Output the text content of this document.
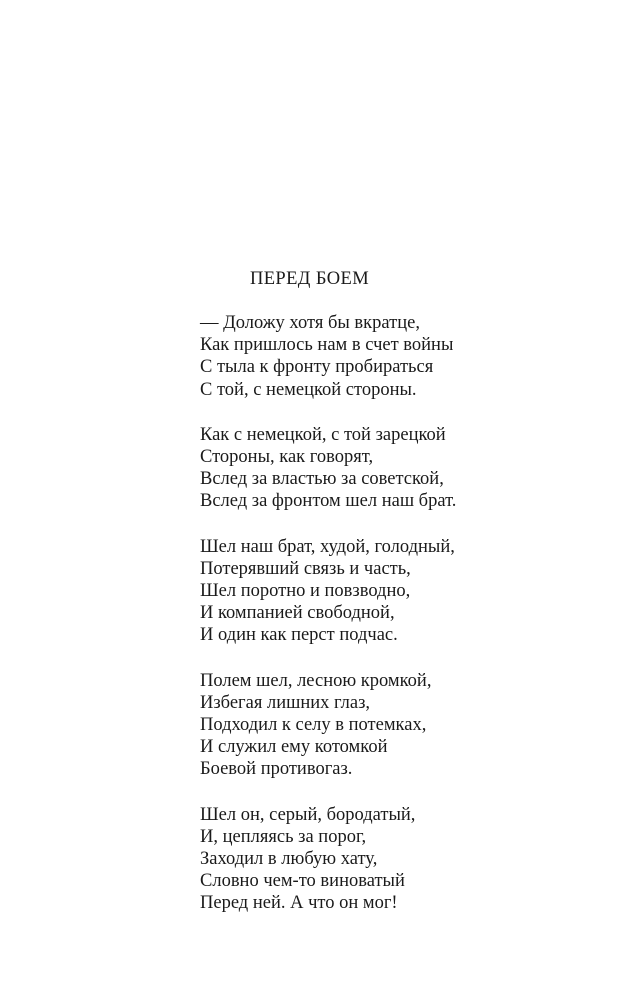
ПЕРЕД БОЕМ
— Доложу хотя бы вкратце,
Как пришлось нам в счет войны
С тыла к фронту пробираться
С той, с немецкой стороны.
Как с немецкой, с той зарецкой
Стороны, как говорят,
Вслед за властью за советской,
Вслед за фронтом шел наш брат.
Шел наш брат, худой, голодный,
Потерявший связь и часть,
Шел поротно и повзводно,
И компанией свободной,
И один как перст подчас.
Полем шел, лесною кромкой,
Избегая лишних глаз,
Подходил к селу в потемках,
И служил ему котомкой
Боевой противогаз.
Шел он, серый, бородатый,
И, цепляясь за порог,
Заходил в любую хату,
Словно чем-то виноватый
Перед ней. А что он мог!
